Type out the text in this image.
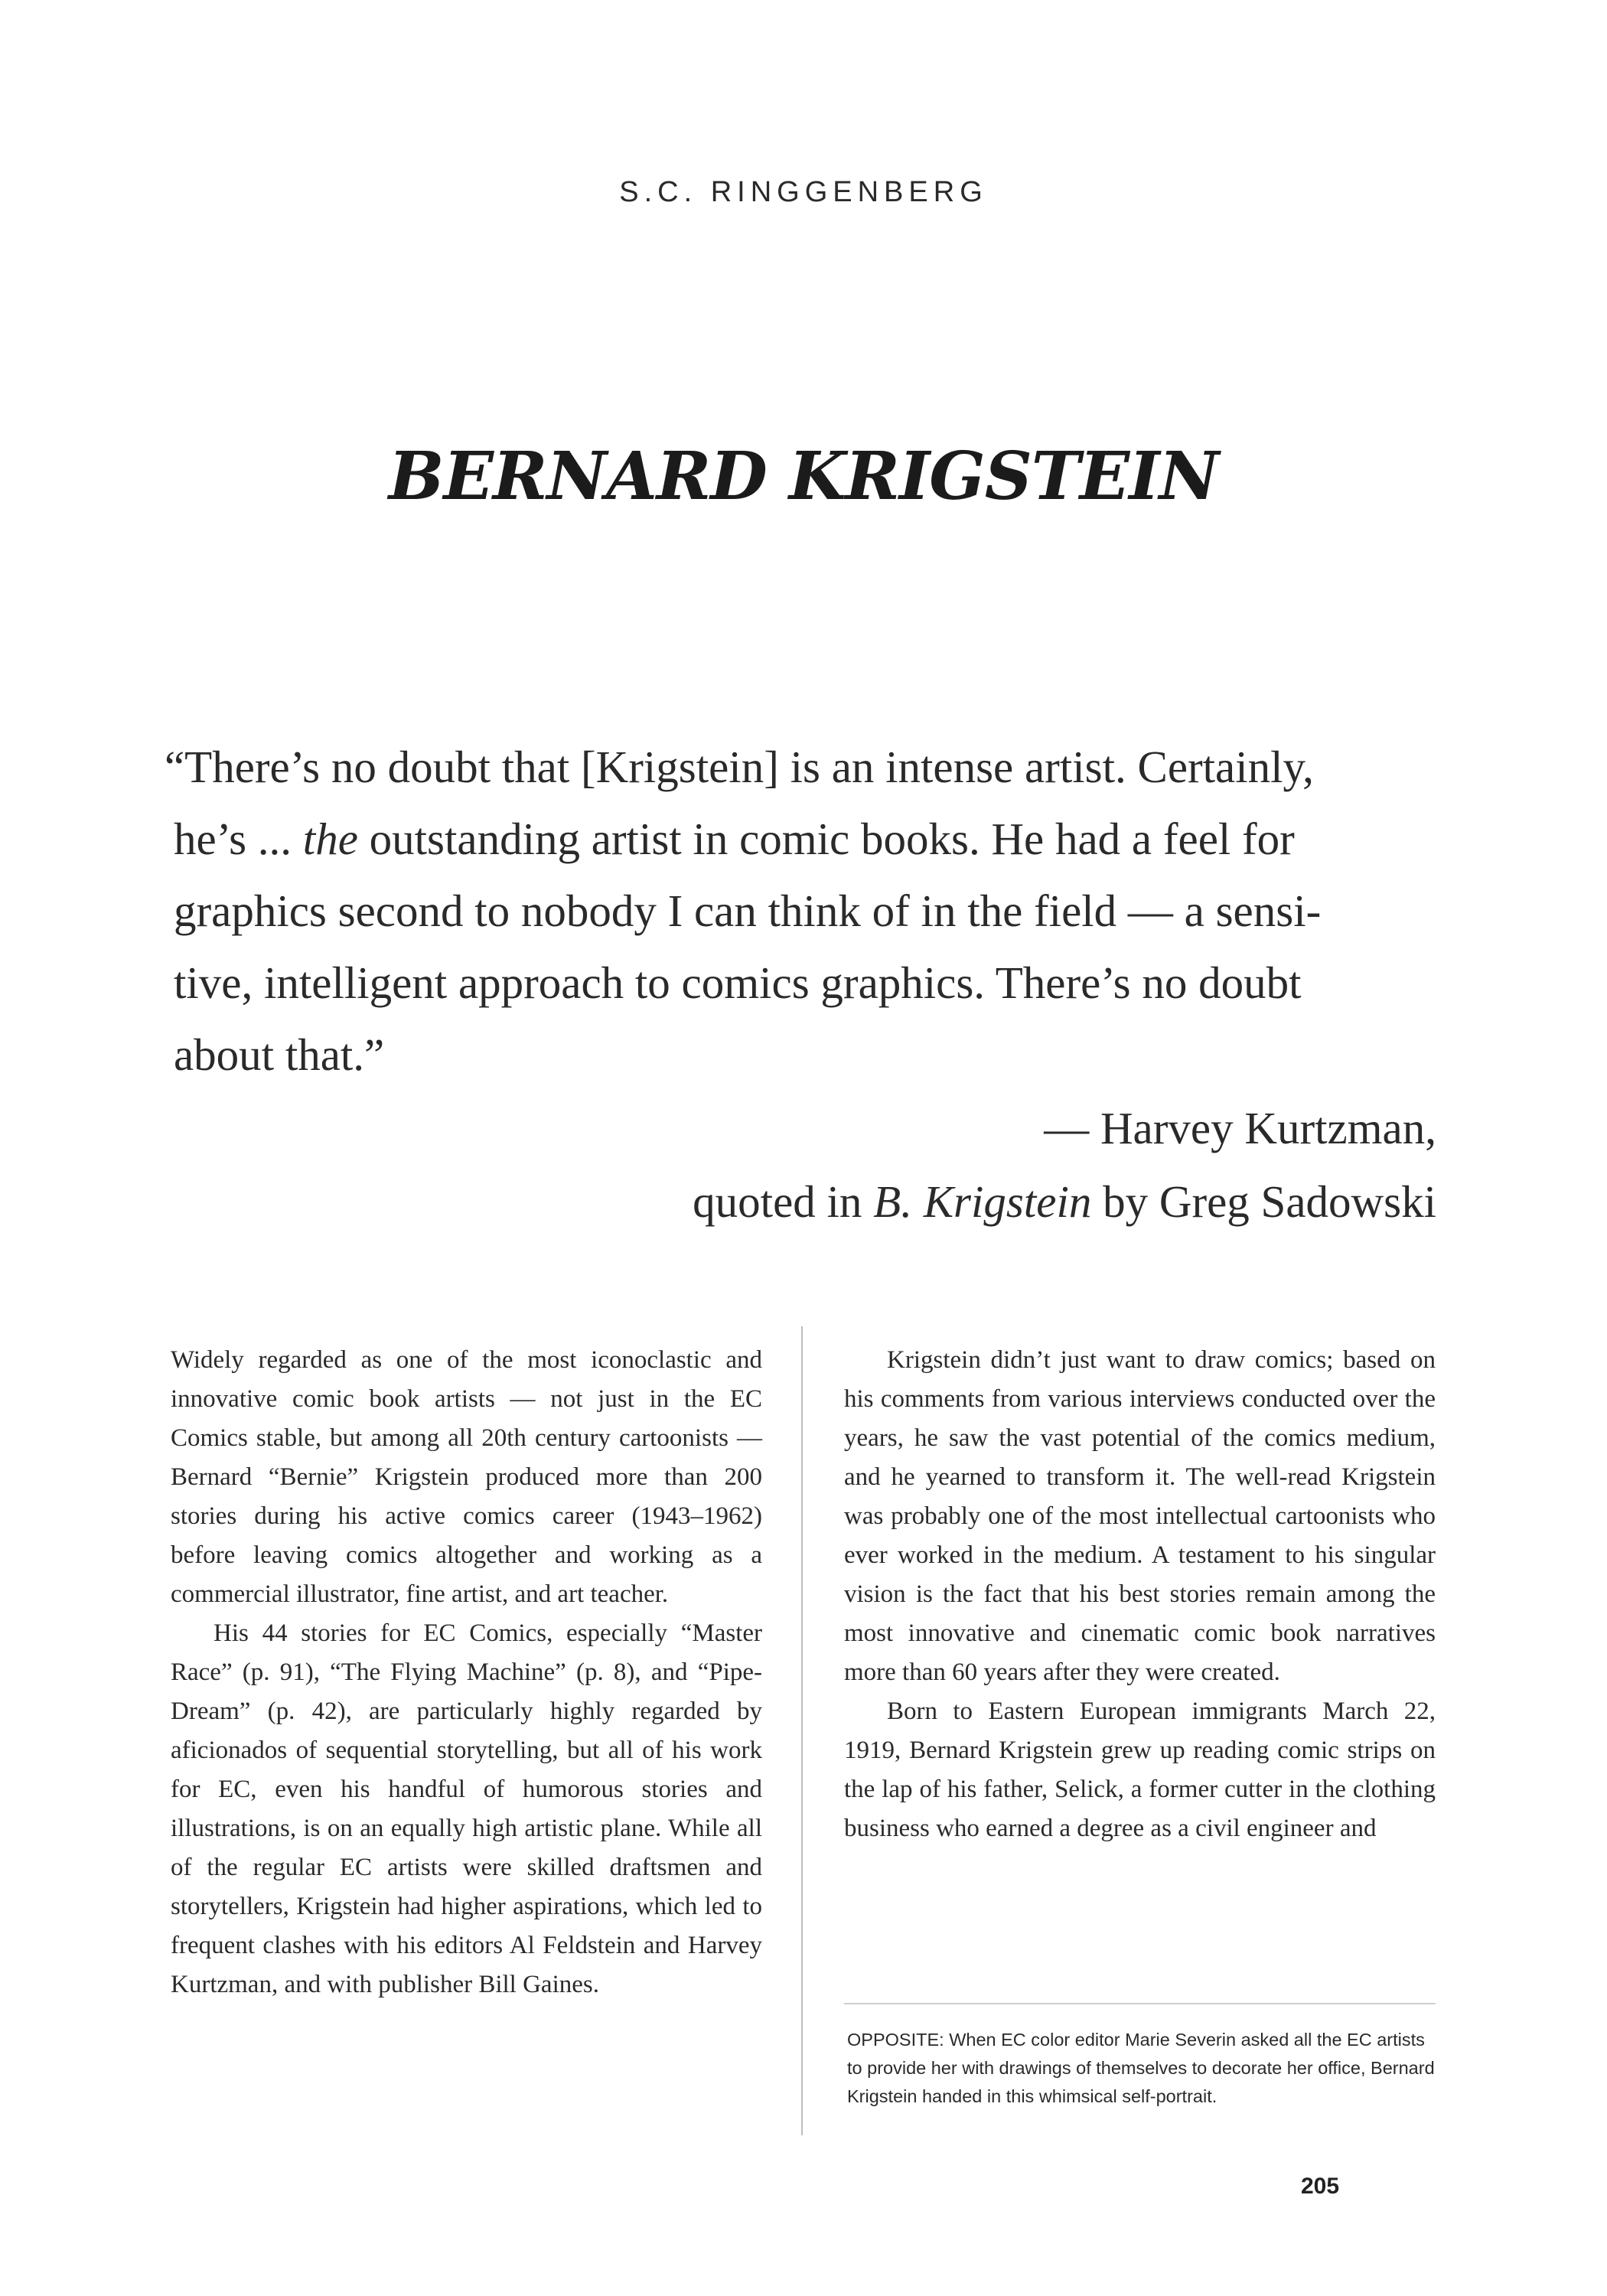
S.C. RINGGENBERG
BERNARD KRIGSTEIN
“There’s no doubt that [Krigstein] is an intense artist. Certainly,
he’s ... the outstanding artist in comic books. He had a feel for
graphics second to nobody I can think of in the field — a sensi-
tive, intelligent approach to comics graphics. There’s no doubt
about that.”
— Harvey Kurtzman,
quoted in B. Krigstein by Greg Sadowski

Widely regarded as one of the most iconoclastic and innovative comic book artists — not just in the EC Comics stable, but among all 20th century cartoonists — Bernard “Bernie” Krigstein produced more than 200 stories during his active comics career (1943–1962) before leaving comics altogether and working as a commercial illustrator, fine artist, and art teacher.

His 44 stories for EC Comics, especially “Master Race” (p. 91), “The Flying Machine” (p. 8), and “Pipe-Dream” (p. 42), are particularly highly regarded by aficionados of sequential storytelling, but all of his work for EC, even his handful of humorous stories and illustrations, is on an equally high artistic plane. While all of the regular EC artists were skilled draftsmen and storytellers, Krigstein had higher aspirations, which led to frequent clashes with his editors Al Feldstein and Harvey Kurtzman, and with publisher Bill Gaines.

Krigstein didn’t just want to draw comics; based on his comments from various interviews conducted over the years, he saw the vast potential of the comics medium, and he yearned to transform it. The well-read Krigstein was probably one of the most intellectual cartoonists who ever worked in the medium. A testament to his singular vision is the fact that his best stories remain among the most innovative and cinematic comic book narratives more than 60 years after they were created.

Born to Eastern European immigrants March 22, 1919, Bernard Krigstein grew up reading comic strips on the lap of his father, Selick, a former cutter in the clothing business who earned a degree as a civil engineer and

OPPOSITE: When EC color editor Marie Severin asked all the EC artists to provide her with drawings of themselves to decorate her office, Bernard Krigstein handed in this whimsical self-portrait.

205
